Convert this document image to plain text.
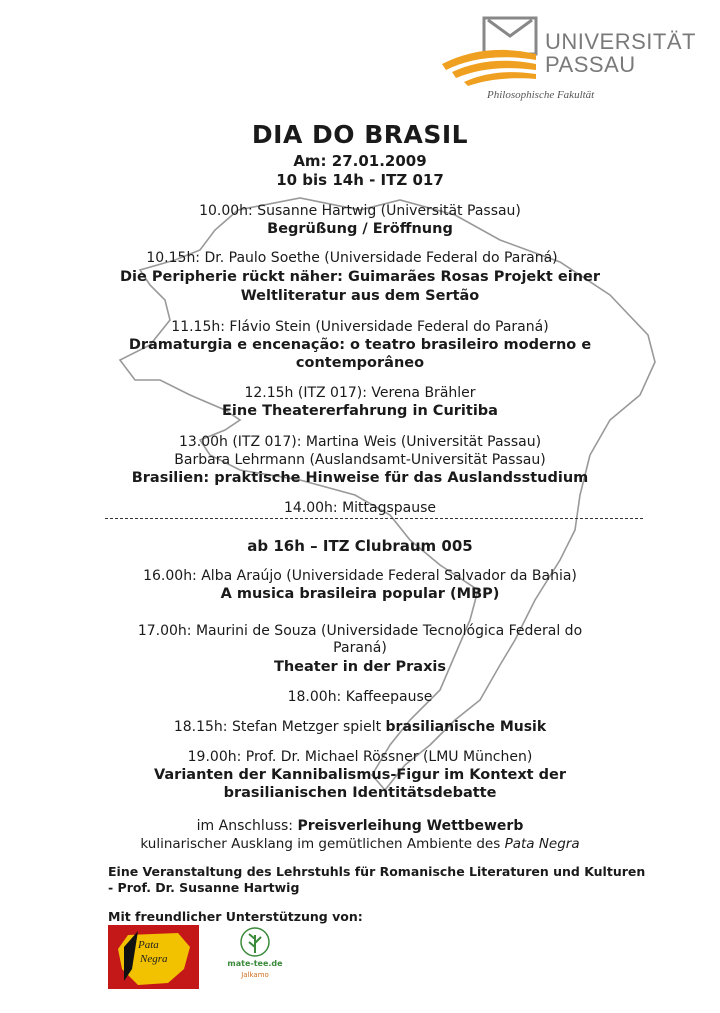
UNIVERSITÄT
PASSAU
Philosophische Fakultät
DIA DO BRASIL
Am: 27.01.2009
10 bis 14h - ITZ 017
10.00h: Susanne Hartwig (Universität Passau)
Begrüßung / Eröffnung
10.15h: Dr. Paulo Soethe (Universidade Federal do Paraná)
Die Peripherie rückt näher: Guimarães Rosas Projekt einer
Weltliteratur aus dem Sertão
11.15h: Flávio Stein (Universidade Federal do Paraná)
Dramaturgia e encenação: o teatro brasileiro moderno e
contemporâneo
12.15h (ITZ 017): Verena Brähler
Eine Theatererfahrung in Curitiba
13.00h (ITZ 017): Martina Weis (Universität Passau)
Barbara Lehrmann (Auslandsamt-Universität Passau)
Brasilien: praktische Hinweise für das Auslandsstudium
14.00h: Mittagspause
ab 16h – ITZ Clubraum 005
16.00h: Alba Araújo (Universidade Federal Salvador da Bahia)
A musica brasileira popular (MBP)
17.00h: Maurini de Souza (Universidade Tecnológica Federal do
Paraná)
Theater in der Praxis
18.00h: Kaffeepause
18.15h: Stefan Metzger spielt brasilianische Musik
19.00h: Prof. Dr. Michael Rössner (LMU München)
Varianten der Kannibalismus-Figur im Kontext der
brasilianischen Identitätsdebatte
im Anschluss: Preisverleihung Wettbewerb
kulinarischer Ausklang im gemütlichen Ambiente des Pata Negra
Eine Veranstaltung des Lehrstuhls für Romanische Literaturen und Kulturen
- Prof. Dr. Susanne Hartwig
Mit freundlicher Unterstützung von:
Pata
Negra	mate-tee.de
Jalkamo
